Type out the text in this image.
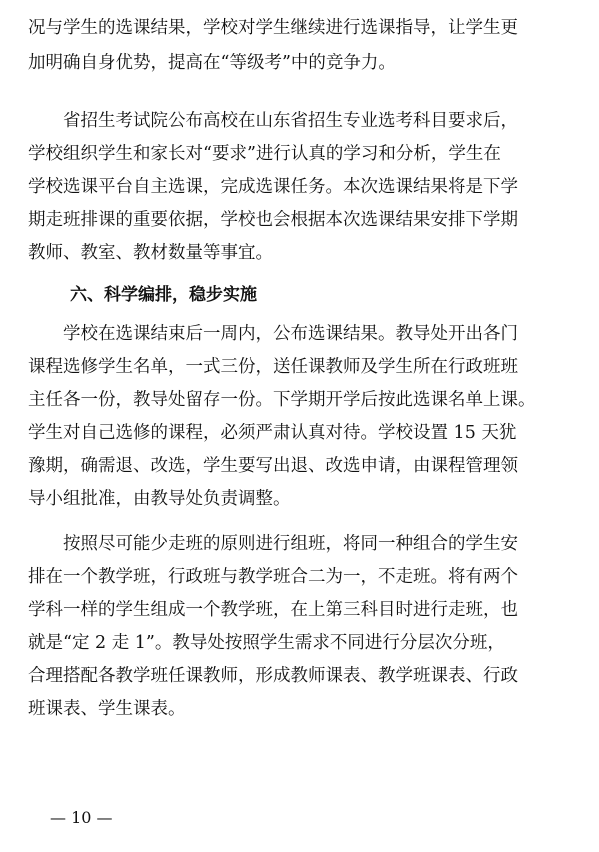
况与学生的选课结果，学校对学生继续进行选课指导，让学生更
加明确自身优势，提高在“等级考”中的竞争力。
省招生考试院公布高校在山东省招生专业选考科目要求后，
学校组织学生和家长对“要求”进行认真的学习和分析，学生在
学校选课平台自主选课，完成选课任务。本次选课结果将是下学
期走班排课的重要依据，学校也会根据本次选课结果安排下学期
教师、教室、教材数量等事宜。
六、科学编排，稳步实施
学校在选课结束后一周内，公布选课结果。教导处开出各门
课程选修学生名单，一式三份，送任课教师及学生所在行政班班
主任各一份，教导处留存一份。下学期开学后按此选课名单上课。
学生对自己选修的课程，必须严肃认真对待。学校设置 15 天犹
豫期，确需退、改选，学生要写出退、改选申请，由课程管理领
导小组批准，由教导处负责调整。
按照尽可能少走班的原则进行组班，将同一种组合的学生安
排在一个教学班，行政班与教学班合二为一，不走班。将有两个
学科一样的学生组成一个教学班，在上第三科目时进行走班，也
就是“定 2 走 1”。教导处按照学生需求不同进行分层次分班，
合理搭配各教学班任课教师，形成教师课表、教学班课表、行政
班课表、学生课表。
— 10 —
